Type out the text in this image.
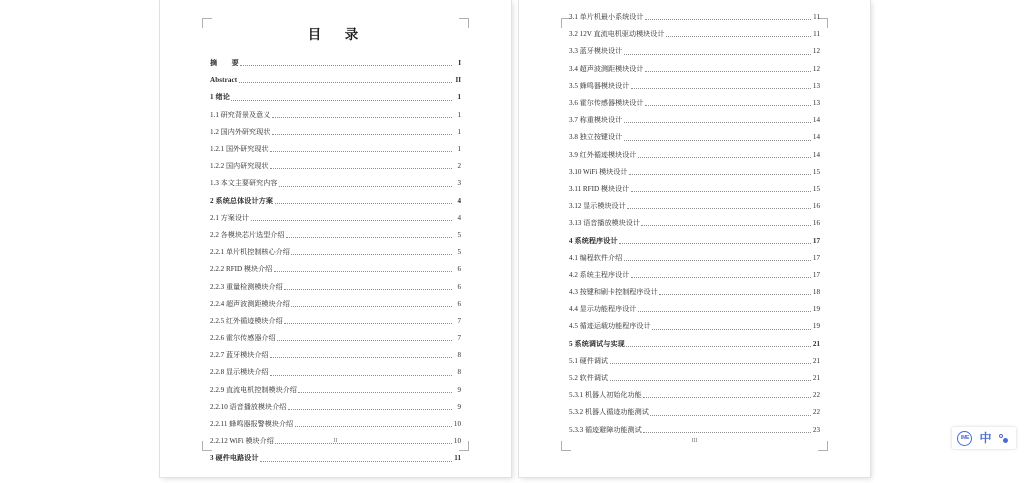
目　录
摘　　要	I
Abstract	II
1 绪论	1
1.1 研究背景及意义	1
1.2 国内外研究现状	1
1.2.1 国外研究现状	1
1.2.2 国内研究现状	2
1.3 本文主要研究内容	3
2 系统总体设计方案	4
2.1 方案设计	4
2.2 各模块芯片选型介绍	5
2.2.1 单片机控制核心介绍	5
2.2.2 RFID 模块介绍	6
2.2.3 重量检测模块介绍	6
2.2.4 超声波测距模块介绍	6
2.2.5 红外循迹模块介绍	7
2.2.6 霍尔传感器介绍	7
2.2.7 蓝牙模块介绍	8
2.2.8 显示模块介绍	8
2.2.9 直流电机控制模块介绍	9
2.2.10 语音播放模块介绍	9
2.2.11 蜂鸣器报警模块介绍	10
2.2.12 WiFi 模块介绍	10
3 硬件电路设计	11
II
3.1 单片机最小系统设计	11
3.2 12V 直流电机驱动模块设计	11
3.3 蓝牙模块设计	12
3.4 超声波测距模块设计	12
3.5 蜂鸣器模块设计	13
3.6 霍尔传感器模块设计	13
3.7 称重模块设计	14
3.8 独立按键设计	14
3.9 红外循迹模块设计	14
3.10 WiFi 模块设计	15
3.11 RFID 模块设计	15
3.12 显示模块设计	16
3.13 语音播放模块设计	16
4 系统程序设计	17
4.1 编程软件介绍	17
4.2 系统主程序设计	17
4.3 按键和刷卡控制程序设计	18
4.4 显示功能程序设计	19
4.5 循迹运载功能程序设计	19
5 系统调试与实现	21
5.1 硬件调试	21
5.2 软件调试	21
5.3.1 机器人初始化功能	22
5.3.2 机器人循迹功能测试	22
5.3.3 循迹避障功能测试	23
III	IME 中
